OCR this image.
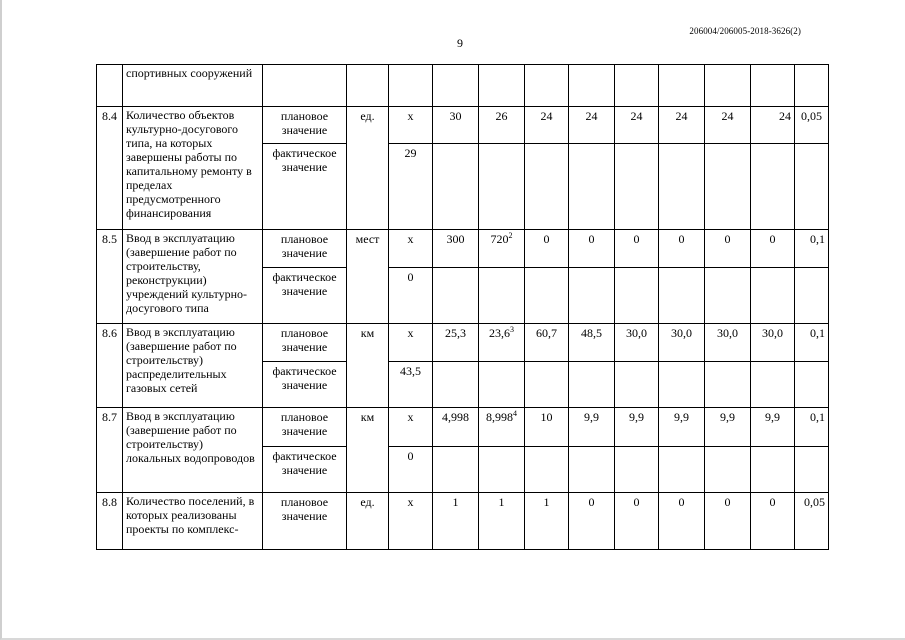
206004/206005-2018-3626(2)
9

	спортивных сооружений												

8.4	Количество объектов культурно-досугового типа, на которых завершены работы по капитальному ремонту в пределах предусмотренного финансирования	плановое значение	ед.	х	30	26	24	24	24	24	24	24	0,05

		фактическое значение		29									

8.5	Ввод в эксплуатацию (завершение работ по строительству, реконструкции) учреждений культурно-досугового типа	плановое значение	мест	х	300	$720^2$	0	0	0	0	0	0	0,1

		фактическое значение		0									

8.6	Ввод в эксплуатацию (завершение работ по строительству) распределительных газовых сетей	плановое значение	км	х	25,3	23,6$^3$	60,7	48,5	30,0	30,0	30,0	30,0	0,1

		фактическое значение		43,5									

8.7	Ввод в эксплуатацию (завершение работ по строительству) локальных водопроводов	плановое значение	км	х	4,998	8,998$^4$	10	9,9	9,9	9,9	9,9	9,9	0,1

		фактическое значение		0									

8.8	Количество поселений, в которых реализованы проекты по комплекс-	плановое значение	ед.	х	1	1	1	0	0	0	0	0	0,05
